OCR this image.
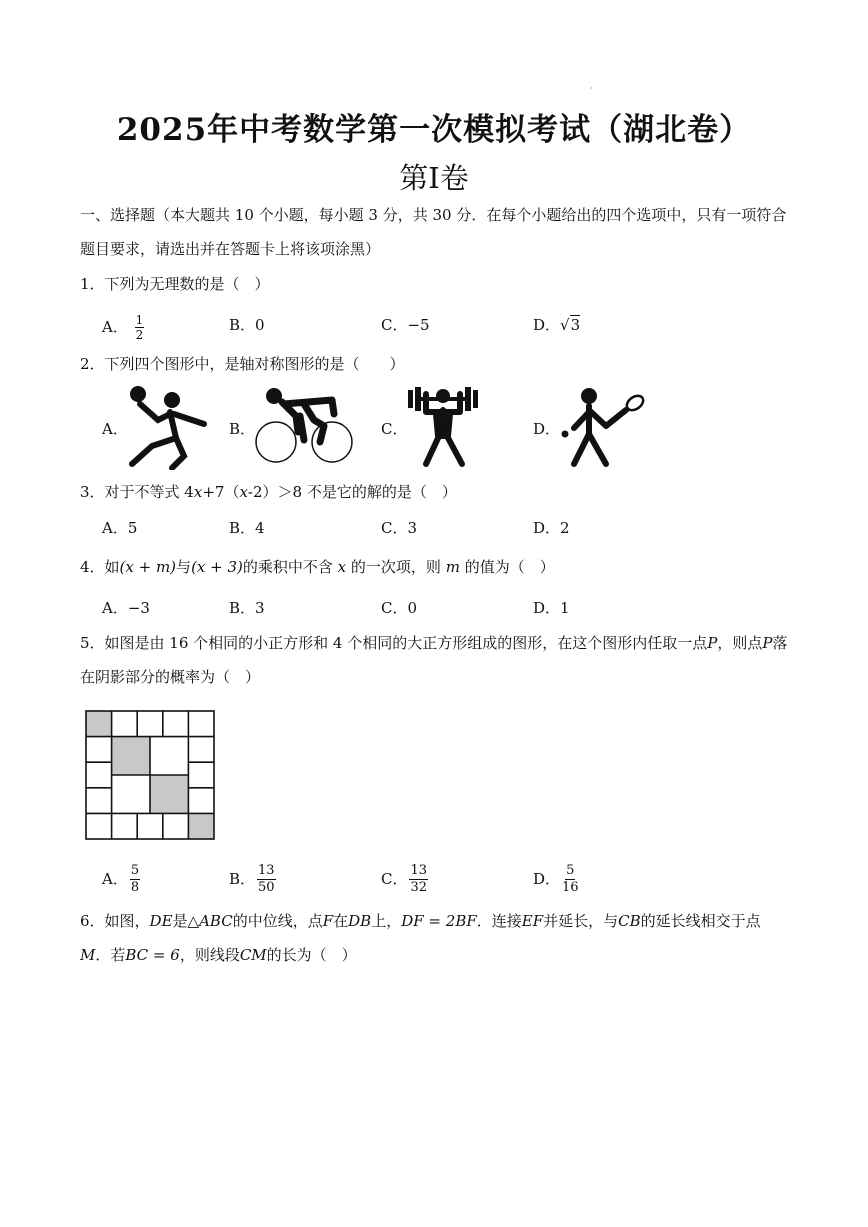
·
2025年中考数学第一次模拟考试（湖北卷）
第I卷
一、选择题（本大题共 10 个小题，每小题 3 分，共 30 分．在每个小题给出的四个选项中，只有一项符合
题目要求，请选出并在答题卡上将该项涂黑）
1．下列为无理数的是（　）
A． $\frac{1}{2}$	B．0	C．−5	D．√3
2．下列四个图形中，是轴对称图形的是（　　）
A．	B．	C．	D．
3．对于不等式 4x+7（x-2）＞8 不是它的解的是（　）
A．5	B．4	C．3	D．2
4．如(x + m)与(x + 3)的乘积中不含 x 的一次项，则 m 的值为（　）
A．−3	B．3	C．0	D．1
5．如图是由 16 个相同的小正方形和 4 个相同的大正方形组成的图形，在这个图形内任取一点P，则点P落
在阴影部分的概率为（　）
A． $\frac{5}{8}$	B． $\frac{13}{50}$	C． $\frac{13}{32}$	D． $\frac{5}{16}$
6．如图，DE是△ABC的中位线，点F在DB上，DF = 2BF．连接EF并延长，与CB的延长线相交于点
M．若BC = 6，则线段CM的长为（　）
